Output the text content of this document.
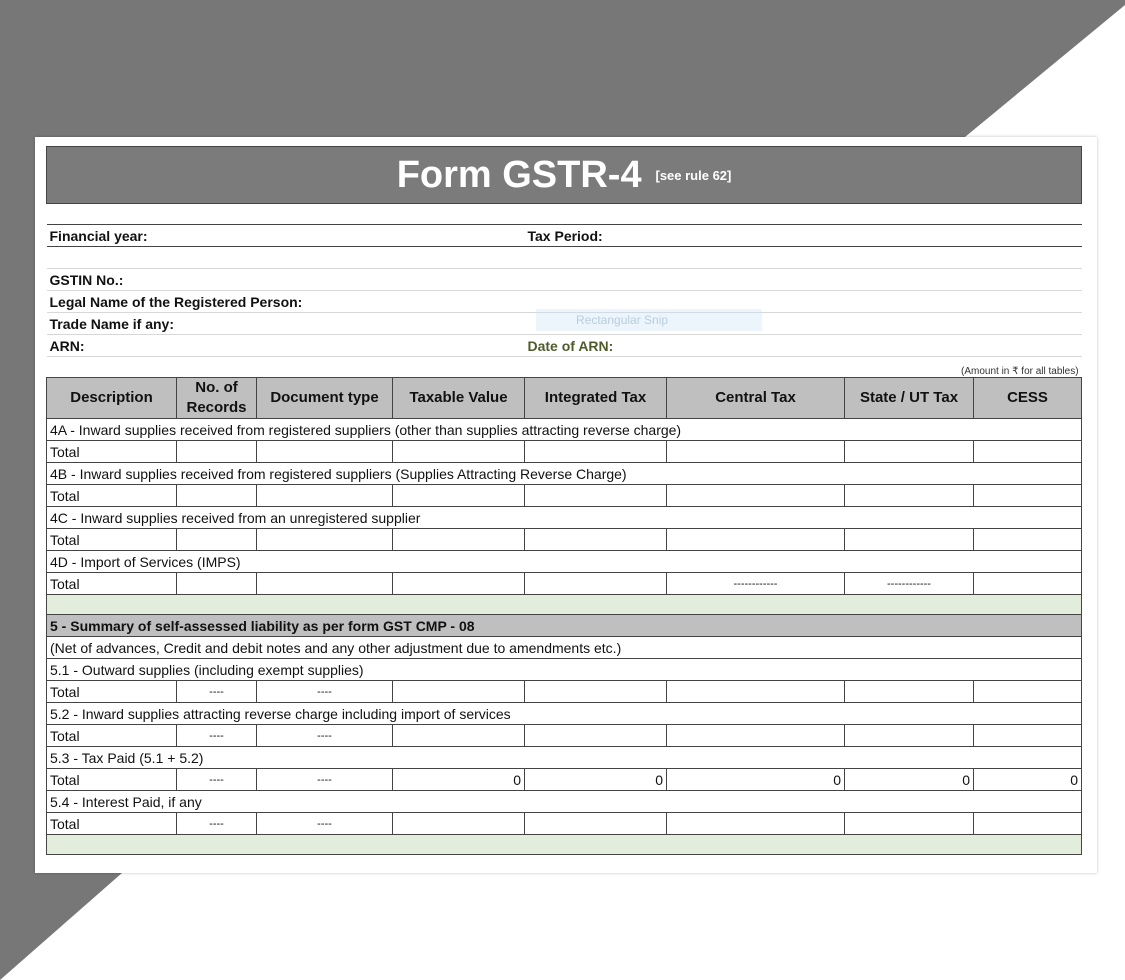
Form GSTR-4 [see rule 62]							

Financial year:				Tax Period:			

GSTIN No.:							
Legal Name of the Registered Person:							
Trade Name if any:							
ARN:				Date of ARN:			
(Amount in ₹ for all tables)							
Description	No. of Records	Document type	Taxable Value	Integrated Tax	Central Tax	State / UT Tax	CESS
4A - Inward supplies received from registered suppliers (other than supplies attracting reverse charge)							
Total							
4B - Inward supplies received from registered suppliers (Supplies Attracting Reverse Charge)							
Total							
4C - Inward supplies received from an unregistered supplier							
Total							
4D - Import of Services (IMPS)							
Total					------------	------------	

5 - Summary of self-assessed liability as per form GST CMP - 08							
(Net of advances, Credit and debit notes and any other adjustment due to amendments etc.)							
5.1 - Outward supplies (including exempt supplies)							
Total	----	----					
5.2 - Inward supplies attracting reverse charge including import of services							
Total	----	----					
5.3 - Tax Paid (5.1 + 5.2)							
Total	----	----	0	0	0	0	0
5.4 - Interest Paid, if any							
Total	----	----					

Rectangular Snip
